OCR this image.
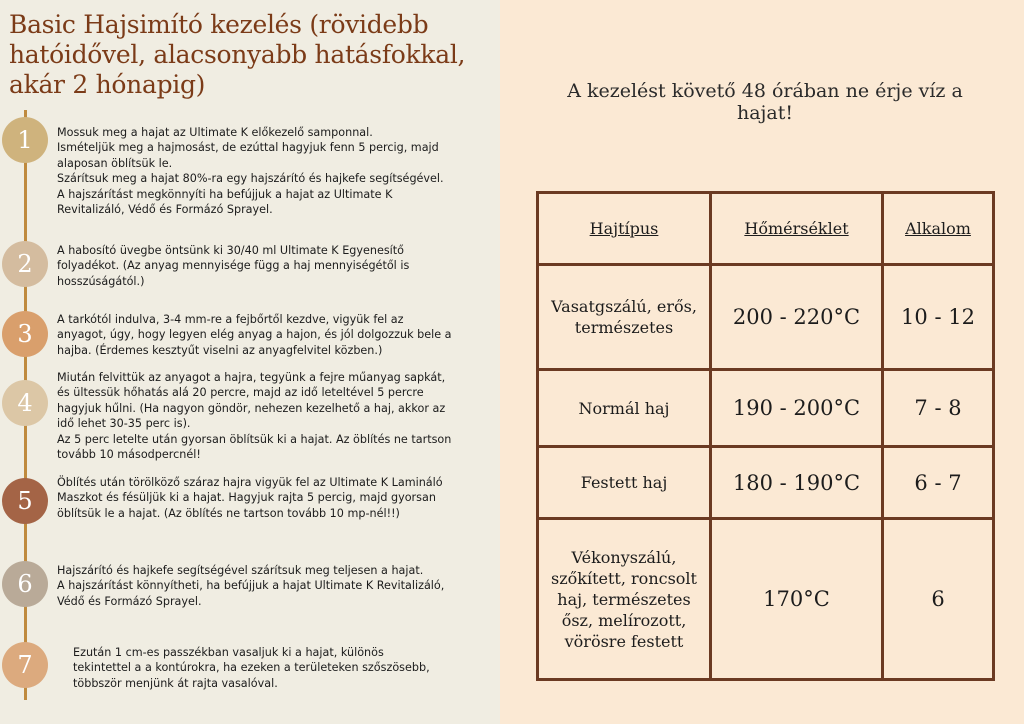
Basic Hajsimító kezelés (rövidebb hatóidővel, alacsonyabb hatásfokkal, akár 2 hónapig)
1	Mossuk meg a hajat az Ultimate K előkezelő samponnal.
Ismételjük meg a hajmosást, de ezúttal hagyjuk fenn 5 percig, majd alaposan öblítsük le.
Szárítsuk meg a hajat 80%-ra egy hajszárító és hajkefe segítségével.
A hajszárítást megkönnyíti ha befújjuk a hajat az Ultimate K Revitalizáló, Védő és Formázó Sprayel.

2	A habosító üvegbe öntsünk ki 30/40 ml Ultimate K Egyenesítő folyadékot. (Az anyag mennyisége függ a haj mennyiségétől is hosszúságától.)

3

A tarkótól indulva, 3-4 mm-re a fejbőrtől kezdve, vigyük fel az anyagot, úgy, hogy legyen elég anyag a hajon, és jól dolgozzuk bele a hajba. (Érdemes kesztyűt viselni az anyagfelvitel közben.)

4

Miután felvittük az anyagot a hajra, tegyünk a fejre műanyag sapkát, és ültessük hőhatás alá 20 percre, majd az idő leteltével 5 percre hagyjuk hűlni. (Ha nagyon göndör, nehezen kezelhető a haj, akkor az idő lehet 30-35 perc is).
Az 5 perc letelte után gyorsan öblítsük ki a hajat. Az öblítés ne tartson tovább 10 másodpercnél!

5

Öblítés után törölköző száraz hajra vigyük fel az Ultimate K Lamináló Maszkot és fésüljük ki a hajat. Hagyjuk rajta 5 percig, majd gyorsan öblítsük le a hajat. (Az öblítés ne tartson tovább 10 mp-nél!!)

6	Hajszárító és hajkefe segítségével szárítsuk meg teljesen a hajat.
A hajszárítást könnyítheti, ha befújjuk a hajat Ultimate K Revitalizáló, Védő és Formázó Sprayel.

7	Ezután 1 cm-es passzékban vasaljuk ki a hajat, különös tekintettel a a kontúrokra, ha ezeken a területeken szőszösebb, többször menjünk át rajta vasalóval.

A kezelést követő 48 órában ne érje víz a hajat!
Hajtípus	Hőmérséklet	Alkalom
Vasatgszálú, erős, természetes	200 - 220°C	10 - 12
Normál haj	190 - 200°C	7 - 8
Festett haj	180 - 190°C	6 - 7
Vékonyszálú, szőkített, roncsolt haj, természetes ősz, melírozott, vörösre festett	170°C	6
